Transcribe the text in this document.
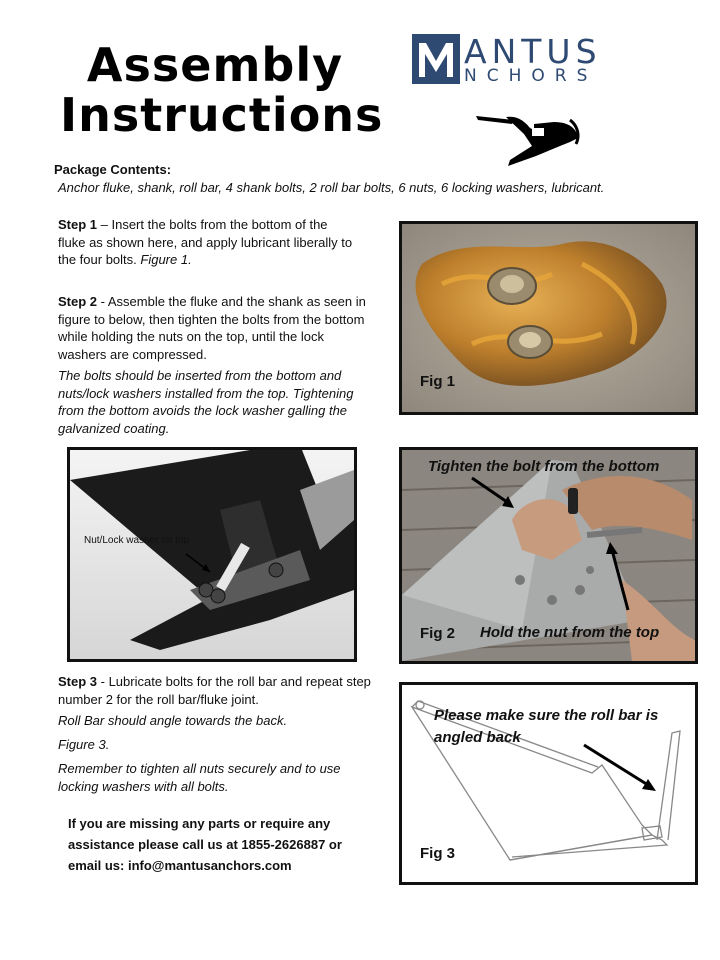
Assembly
Instructions
ANTUS
NCHORS
Package Contents:
Anchor fluke, shank, roll bar, 4 shank bolts, 2 roll bar bolts, 6 nuts, 6 locking washers, lubricant.
Step 1 – Insert the bolts from the bottom of the fluke as shown here, and apply lubricant liberally to the four bolts. Figure 1.
Step 2 - Assemble the fluke and the shank as seen in figure to below, then tighten the bolts from the bottom while holding the nuts on the top, until the lock washers are compressed.
The bolts should be inserted from the bottom and nuts/lock washers installed from the top. Tightening from the bottom avoids the lock washer galling the galvanized coating.
Fig 1
Nut/Lock washer on top
Tighten the bolt from the bottom
Fig 2 Hold the nut from the top
Step 3 - Lubricate bolts for the roll bar and repeat step number 2 for the roll bar/fluke joint.
Roll Bar should angle towards the back.
Figure 3.
Remember to tighten all nuts securely and to use locking washers with all bolts.
If you are missing any parts or require any assistance please call us at 1855-2626887 or email us: info@mantusanchors.com
Please make sure the roll bar is angled back
Fig 3
